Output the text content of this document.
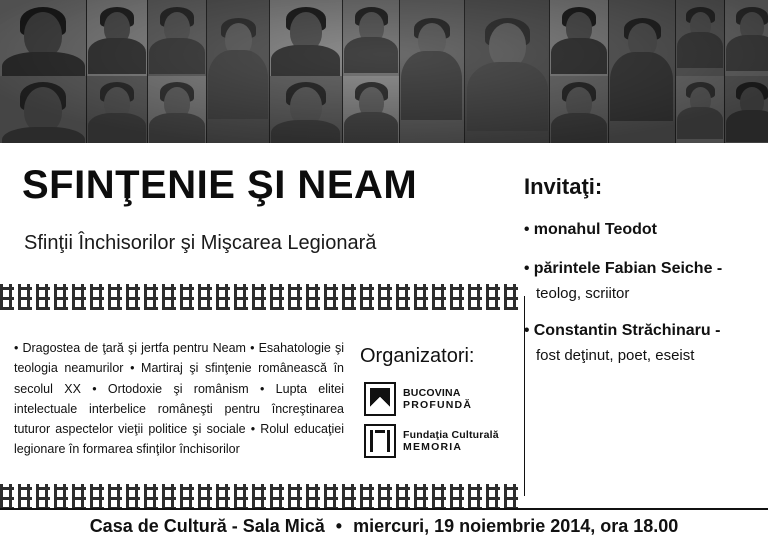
SFINŢENIE ŞI NEAM
Sfinţii Închisorilor şi Mişcarea Legionară
• Dragostea de ţară şi jertfa pentru Neam • Esahatologie şi teologia neamurilor • Martiraj şi sfinţenie românească în secolul XX • Ortodoxie şi românism • Lupta elitei intelectuale interbelice româneşti pentru încreştinarea tuturor aspectelor vieţii politice şi sociale • Rolul educaţiei legionare în formarea sfinţilor închisorilor
Organizatori:
BUCOVINA
PROFUNDĂ
Fundaţia Culturală
MEMORIA
Invitaţi:
• monahul Teodot
• părintele Fabian Seiche -
teolog, scriitor
• Constantin Străchinaru -
fost deţinut, poet, eseist
Casa de Cultură - Sala Mică • miercuri, 19 noiembrie 2014, ora 18.00
